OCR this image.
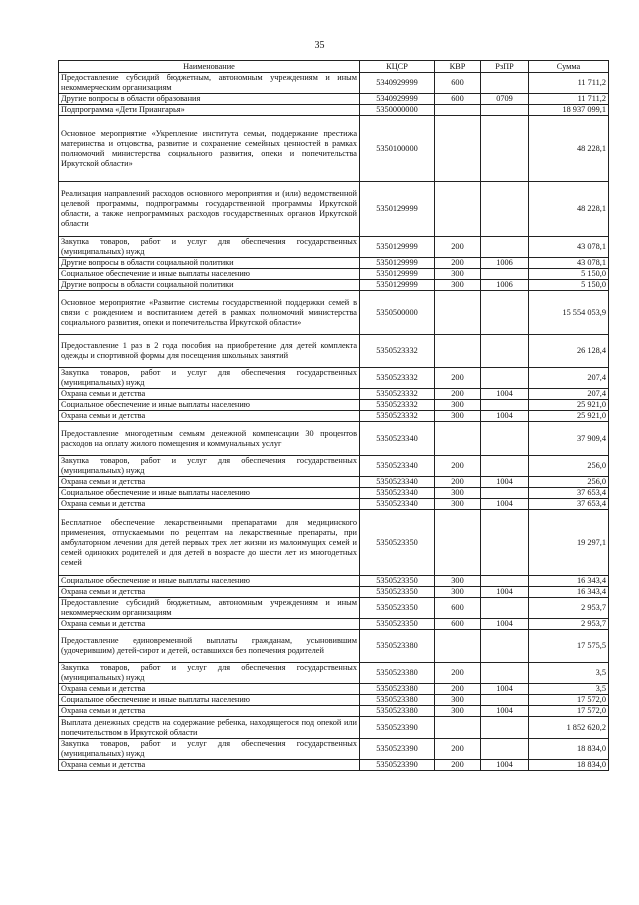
35
Наименование	КЦСР	КВР	РзПР	Сумма
Предоставление субсидий бюджетным, автономным учреждениям и иным некоммерческим организациям	5340929999	600		11 711,2
Другие вопросы в области образования	5340929999	600	0709	11 711,2
Подпрограмма «Дети Приангарья»	5350000000			18 937 099,1
Основное мероприятие «Укрепление института семьи, поддержание престижа материнства и отцовства, развитие и сохранение семейных ценностей в рамках полномочий министерства социального развития, опеки и попечительства Иркутской области»	5350100000			48 228,1
Реализация направлений расходов основного мероприятия и (или) ведомственной целевой программы, подпрограммы государственной программы Иркутской области, а также непрограммных расходов государственных органов Иркутской области	5350129999			48 228,1
Закупка товаров, работ и услуг для обеспечения государственных (муниципальных) нужд	5350129999	200		43 078,1
Другие вопросы в области социальной политики	5350129999	200	1006	43 078,1
Социальное обеспечение и иные выплаты населению	5350129999	300		5 150,0
Другие вопросы в области социальной политики	5350129999	300	1006	5 150,0
Основное мероприятие «Развитие системы государственной поддержки семей в связи с рождением и воспитанием детей в рамках полномочий министерства социального развития, опеки и попечительства Иркутской области»	5350500000			15 554 053,9
Предоставление 1 раз в 2 года пособия на приобретение для детей комплекта одежды и спортивной формы для посещения школьных занятий	5350523332			26 128,4
Закупка товаров, работ и услуг для обеспечения государственных (муниципальных) нужд	5350523332	200		207,4
Охрана семьи и детства	5350523332	200	1004	207,4
Социальное обеспечение и иные выплаты населению	5350523332	300		25 921,0
Охрана семьи и детства	5350523332	300	1004	25 921,0
Предоставление многодетным семьям денежной компенсации 30 процентов расходов на оплату жилого помещения и коммунальных услуг	5350523340			37 909,4
Закупка товаров, работ и услуг для обеспечения государственных (муниципальных) нужд	5350523340	200		256,0
Охрана семьи и детства	5350523340	200	1004	256,0
Социальное обеспечение и иные выплаты населению	5350523340	300		37 653,4
Охрана семьи и детства	5350523340	300	1004	37 653,4
Бесплатное обеспечение лекарственными препаратами для медицинского применения, отпускаемыми по рецептам на лекарственные препараты, при амбулаторном лечении для детей первых трех лет жизни из малоимущих семей и семей одиноких родителей и для детей в возрасте до шести лет из многодетных семей	5350523350			19 297,1
Социальное обеспечение и иные выплаты населению	5350523350	300		16 343,4
Охрана семьи и детства	5350523350	300	1004	16 343,4
Предоставление субсидий бюджетным, автономным учреждениям и иным некоммерческим организациям	5350523350	600		2 953,7
Охрана семьи и детства	5350523350	600	1004	2 953,7
Предоставление единовременной выплаты гражданам, усыновившим (удочерившим) детей-сирот и детей, оставшихся без попечения родителей	5350523380			17 575,5
Закупка товаров, работ и услуг для обеспечения государственных (муниципальных) нужд	5350523380	200		3,5
Охрана семьи и детства	5350523380	200	1004	3,5
Социальное обеспечение и иные выплаты населению	5350523380	300		17 572,0
Охрана семьи и детства	5350523380	300	1004	17 572,0
Выплата денежных средств на содержание ребенка, находящегося под опекой или попечительством в Иркутской области	5350523390			1 852 620,2
Закупка товаров, работ и услуг для обеспечения государственных (муниципальных) нужд	5350523390	200		18 834,0
Охрана семьи и детства	5350523390	200	1004	18 834,0
